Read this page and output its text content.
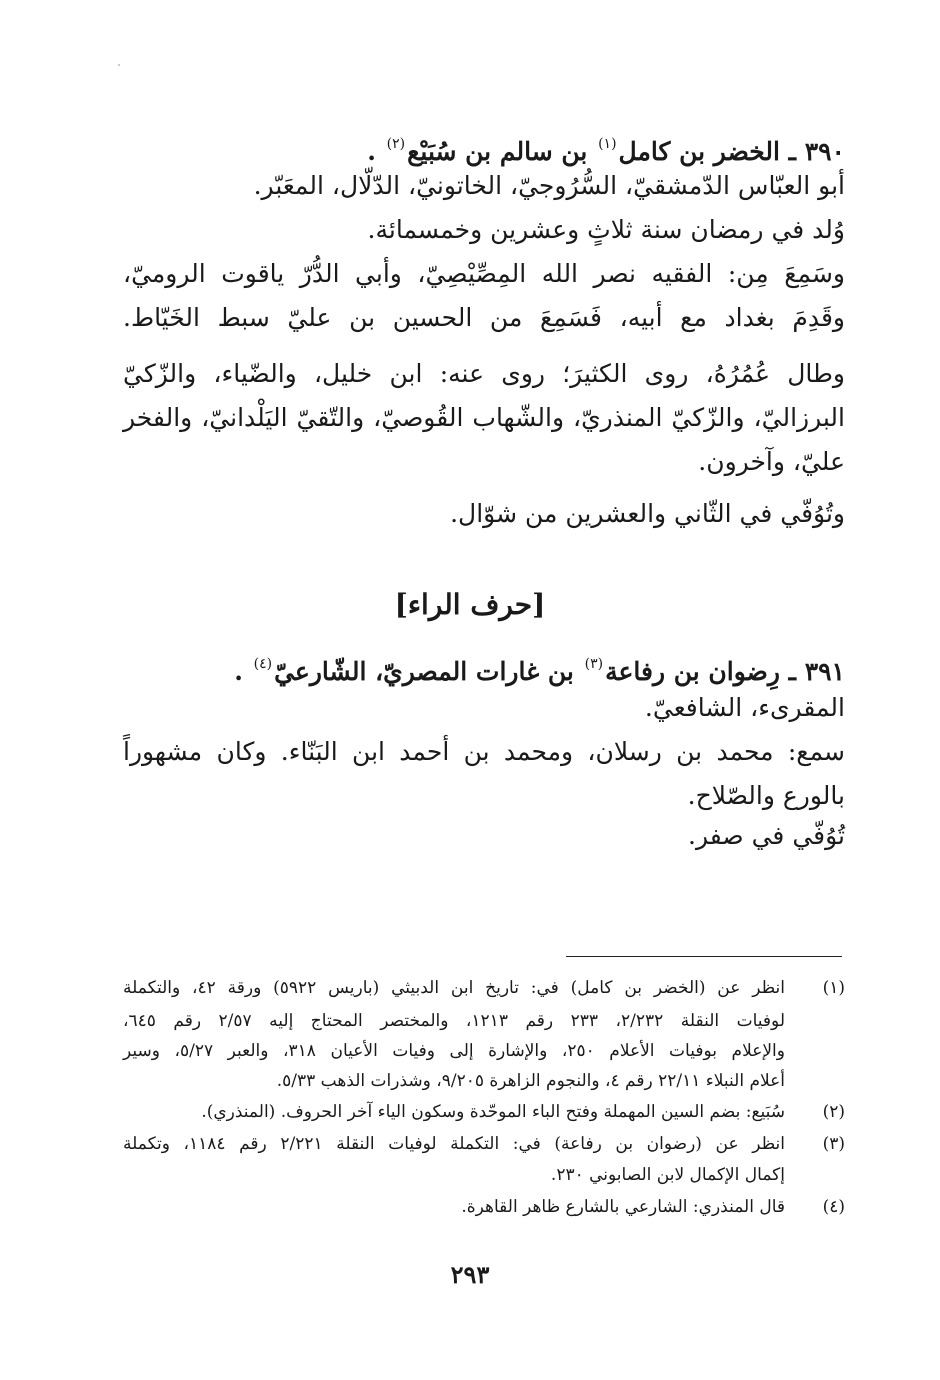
٣٩٠ ـ الخضر بن كامل$^{(١)}$ بن سالم بن سُبَيْع$^{(٢)}$ .

أبو العبّاس الدّمشقيّ، السُّرُوجيّ، الخاتونيّ، الدّلّال، المعَبّر.

وُلد في رمضان سنة ثلاثٍ وعشرين وخمسمائة.

وسَمِعَ مِن: الفقيه نصر الله المِصِّيْصِيّ، وأبي الدُّرّ ياقوت الروميّ،

وقَدِمَ بغداد مع أبيه، فَسَمِعَ من الحسين بن عليّ سبط الخَيّاط.

وطال عُمُرُهُ، روى الكثيرَ؛ روى عنه: ابن خليل، والضّياء، والزّكيّ

البرزاليّ، والزّكيّ المنذريّ، والشّهاب القُوصيّ، والتّقيّ اليَلْدانيّ، والفخر

عليّ، وآخرون.

وتُوُفّي في الثّاني والعشرين من شوّال.

[حرف الراء]

٣٩١ ـ رِضوان بن رفاعة$^{(٣)}$ بن غارات المصريّ، الشّارعيّ$^{(٤)}$ .

المقرىء، الشافعيّ.

سمع: محمد بن رسلان، ومحمد بن أحمد ابن البَنّاء. وكان مشهوراً

بالورع والصّلاح.

تُوُفّي في صفر.

(١)
انظر عن (الخضر بن كامل) في: تاريخ ابن الدبيثي (باريس ٥٩٢٢) ورقة ٤٢، والتكملة
لوفيات النقلة ٢/٢٣٢، ٢٣٣ رقم ١٢١٣، والمختصر المحتاج إليه ٢/٥٧ رقم ٦٤٥،
والإعلام بوفيات الأعلام ٢٥٠، والإشارة إلى وفيات الأعيان ٣١٨، والعبر ٥/٢٧، وسير
أعلام النبلاء ٢٢/١١ رقم ٤، والنجوم الزاهرة ٩/٢٠٥، وشذرات الذهب ٥/٣٣.
(٢)
سُبَيع: بضم السين المهملة وفتح الباء الموحّدة وسكون الياء آخر الحروف. (المنذري).
(٣)
انظر عن (رضوان بن رفاعة) في: التكملة لوفيات النقلة ٢/٢٢١ رقم ١١٨٤، وتكملة
إكمال الإكمال لابن الصابوني ٢٣٠.
(٤)
قال المنذري: الشارعي بالشارع ظاهر القاهرة.
٢٩٣
